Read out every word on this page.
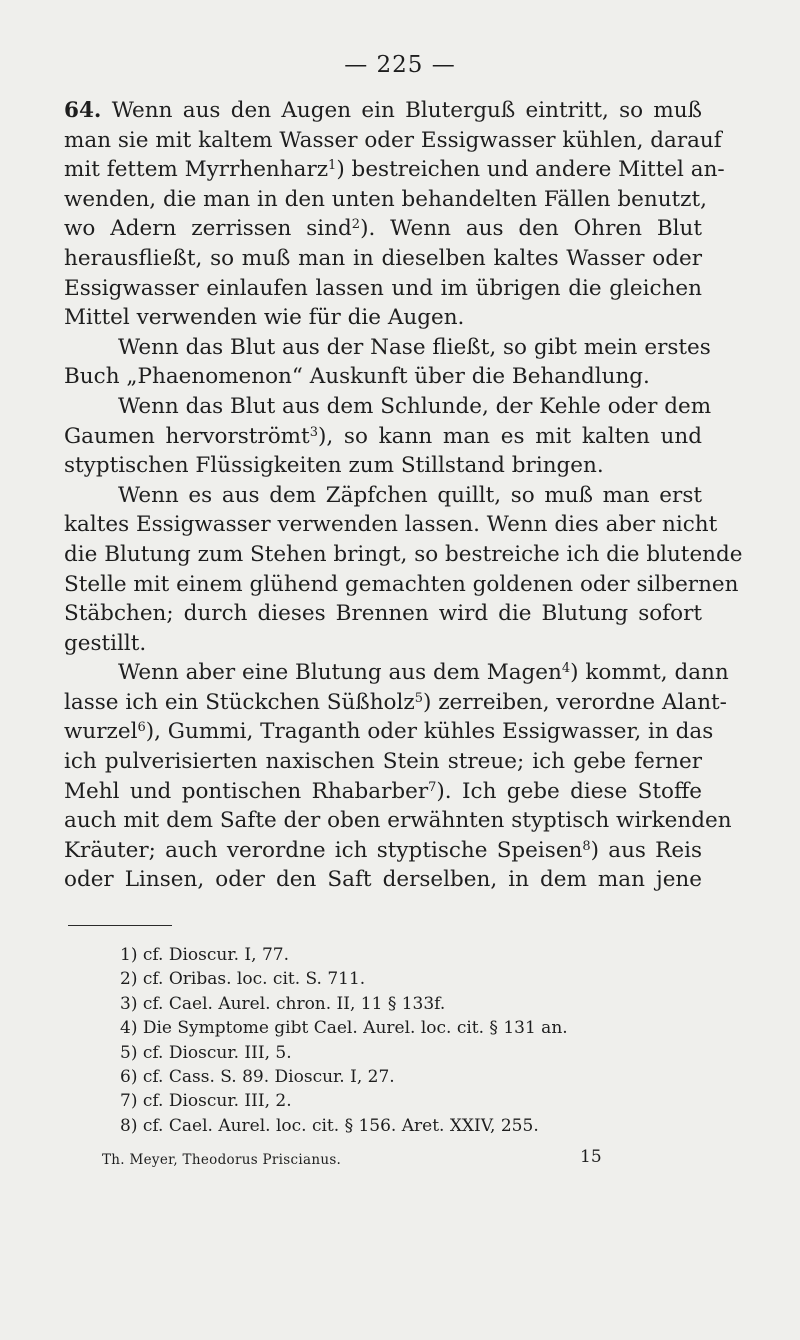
— 225 —
64. Wenn aus den Augen ein Bluterguß eintritt, so muß
man sie mit kaltem Wasser oder Essigwasser kühlen, darauf
mit fettem Myrrhenharz$^1$) bestreichen und andere Mittel an-
wenden, die man in den unten behandelten Fällen benutzt,
wo Adern zerrissen sind$^2$). Wenn aus den Ohren Blut
herausfließt, so muß man in dieselben kaltes Wasser oder
Essigwasser einlaufen lassen und im übrigen die gleichen
Mittel verwenden wie für die Augen.
Wenn das Blut aus der Nase fließt, so gibt mein erstes
Buch „Phaenomenon“ Auskunft über die Behandlung.
Wenn das Blut aus dem Schlunde, der Kehle oder dem
Gaumen hervorströmt$^3$), so kann man es mit kalten und
styptischen Flüssigkeiten zum Stillstand bringen.
Wenn es aus dem Zäpfchen quillt, so muß man erst
kaltes Essigwasser verwenden lassen. Wenn dies aber nicht
die Blutung zum Stehen bringt, so bestreiche ich die blutende
Stelle mit einem glühend gemachten goldenen oder silbernen
Stäbchen; durch dieses Brennen wird die Blutung sofort
gestillt.
Wenn aber eine Blutung aus dem Magen$^4$) kommt, dann
lasse ich ein Stückchen Süßholz$^5$) zerreiben, verordne Alant-
wurzel$^6$), Gummi, Traganth oder kühles Essigwasser, in das
ich pulverisierten naxischen Stein streue; ich gebe ferner
Mehl und pontischen Rhabarber$^7$). Ich gebe diese Stoffe
auch mit dem Safte der oben erwähnten styptisch wirkenden
Kräuter; auch verordne ich styptische Speisen$^8$) aus Reis
oder Linsen, oder den Saft derselben, in dem man jene
1) cf. Dioscur. I, 77.
2) cf. Oribas. loc. cit. S. 711.
3) cf. Cael. Aurel. chron. II, 11 § 133f.
4) Die Symptome gibt Cael. Aurel. loc. cit. § 131 an.
5) cf. Dioscur. III, 5.
6) cf. Cass. S. 89. Dioscur. I, 27.
7) cf. Dioscur. III, 2.
8) cf. Cael. Aurel. loc. cit. § 156. Aret. XXIV, 255.
Th. Meyer, Theodorus Priscianus.	15
